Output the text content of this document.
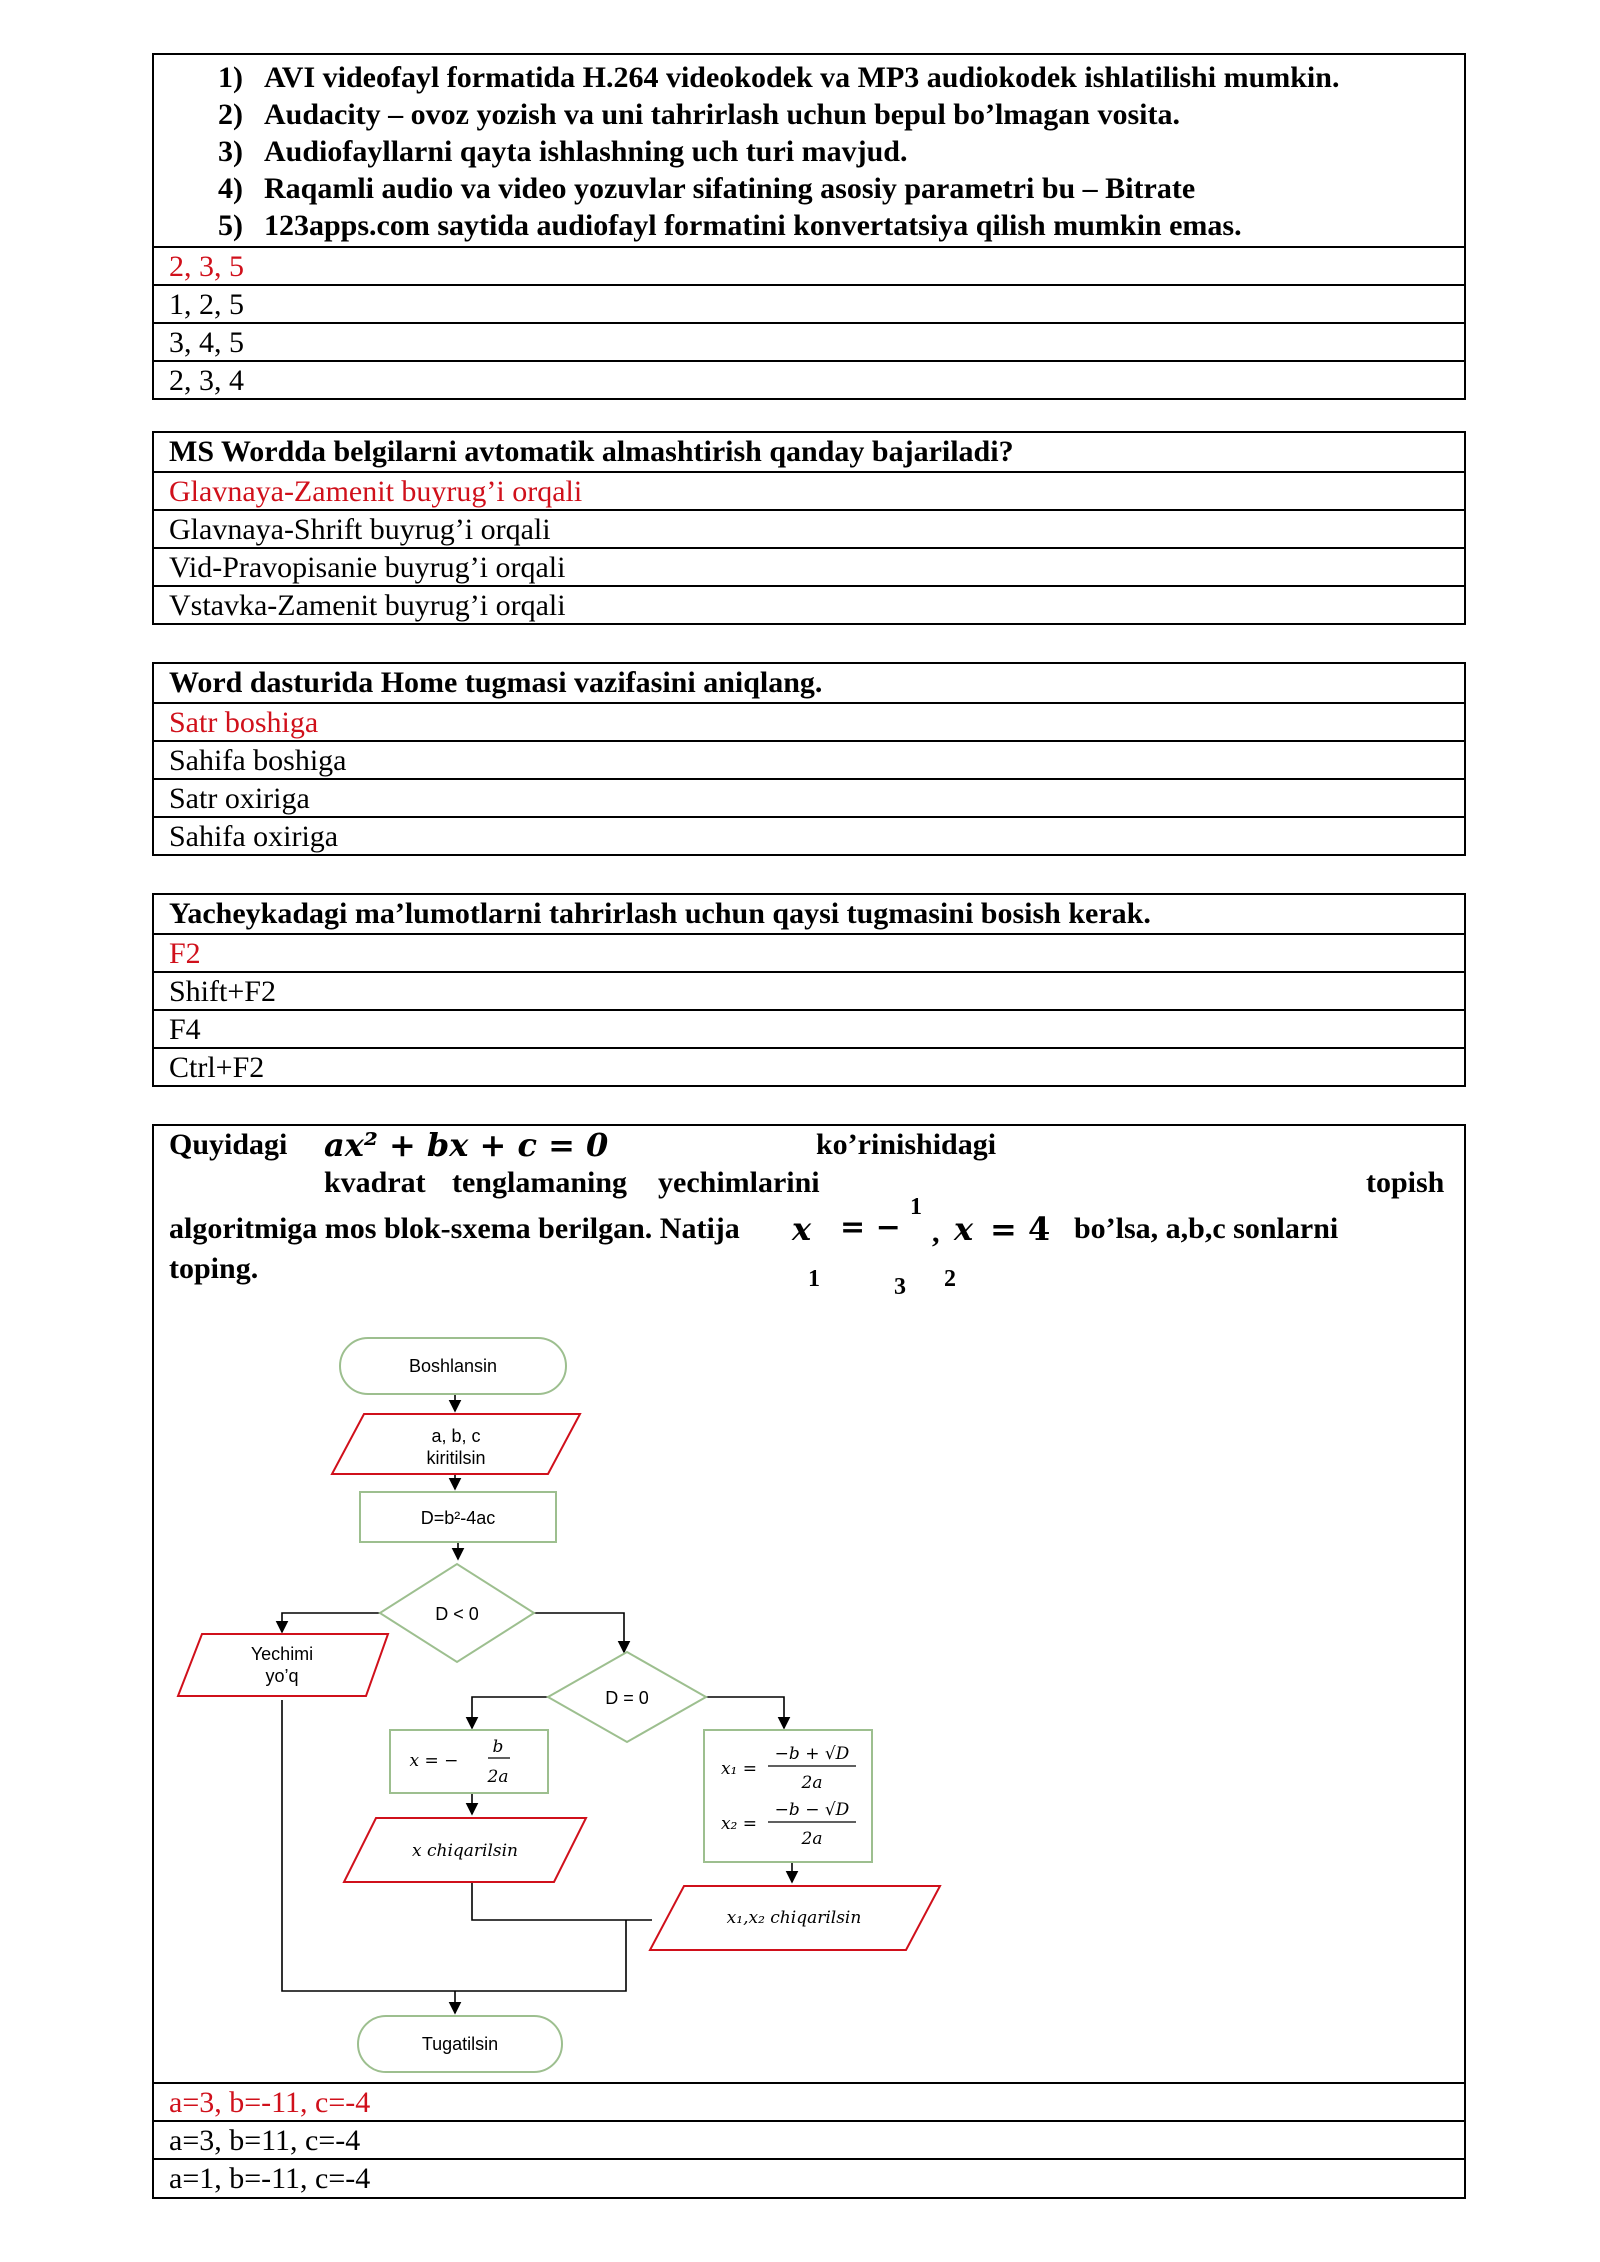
1) AVI videofayl formatida H.264 videokodek va MP3 audiokodek ishlatilishi mumkin.
2) Audacity – ovoz yozish va uni tahrirlash uchun bepul bo’lmagan vosita.
3) Audiofayllarni qayta ishlashning uch turi mavjud.
4) Raqamli audio va video yozuvlar sifatining asosiy parametri bu – Bitrate
5) 123apps.com saytida audiofayl formatini konvertatsiya qilish mumkin emas.
2, 3, 5
1, 2, 5
3, 4, 5
2, 3, 4
MS Wordda belgilarni avtomatik almashtirish qanday bajariladi?
Glavnaya-Zamenit buyrug’i orqali
Glavnaya-Shrift buyrug’i orqali
Vid-Pravopisanie buyrug’i orqali
Vstavka-Zamenit buyrug’i orqali
Word dasturida Home tugmasi vazifasini aniqlang.
Satr boshiga
Sahifa boshiga
Satr oxiriga
Sahifa oxiriga
Yacheykadagi ma’lumotlarni tahrirlash uchun qaysi tugmasini bosish kerak.
F2
Shift+F2
F4
Ctrl+F2
Quyidagi ax² + bx + c = 0	ko’rinishidagi
kvadrat tenglamaning yechimlarini	topish
algoritmiga mos blok-sxema berilgan. Natija x
1
= −
1
3
, x
2
= 4 bo’lsa, a,b,c sonlarni
toping.
Boshlansin
a, b, c
kiritilsin
D=b²-4ac
D < 0
Yechimi
yo’q
D = 0
x = −
b
2a
x chiqarilsin
x₁ =
−b + √D
2a
x₂ =
−b − √D
2a
x₁,x₂ chiqarilsin
Tugatilsin
a=3, b=-11, c=-4
a=3, b=11, c=-4
a=1, b=-11, c=-4
